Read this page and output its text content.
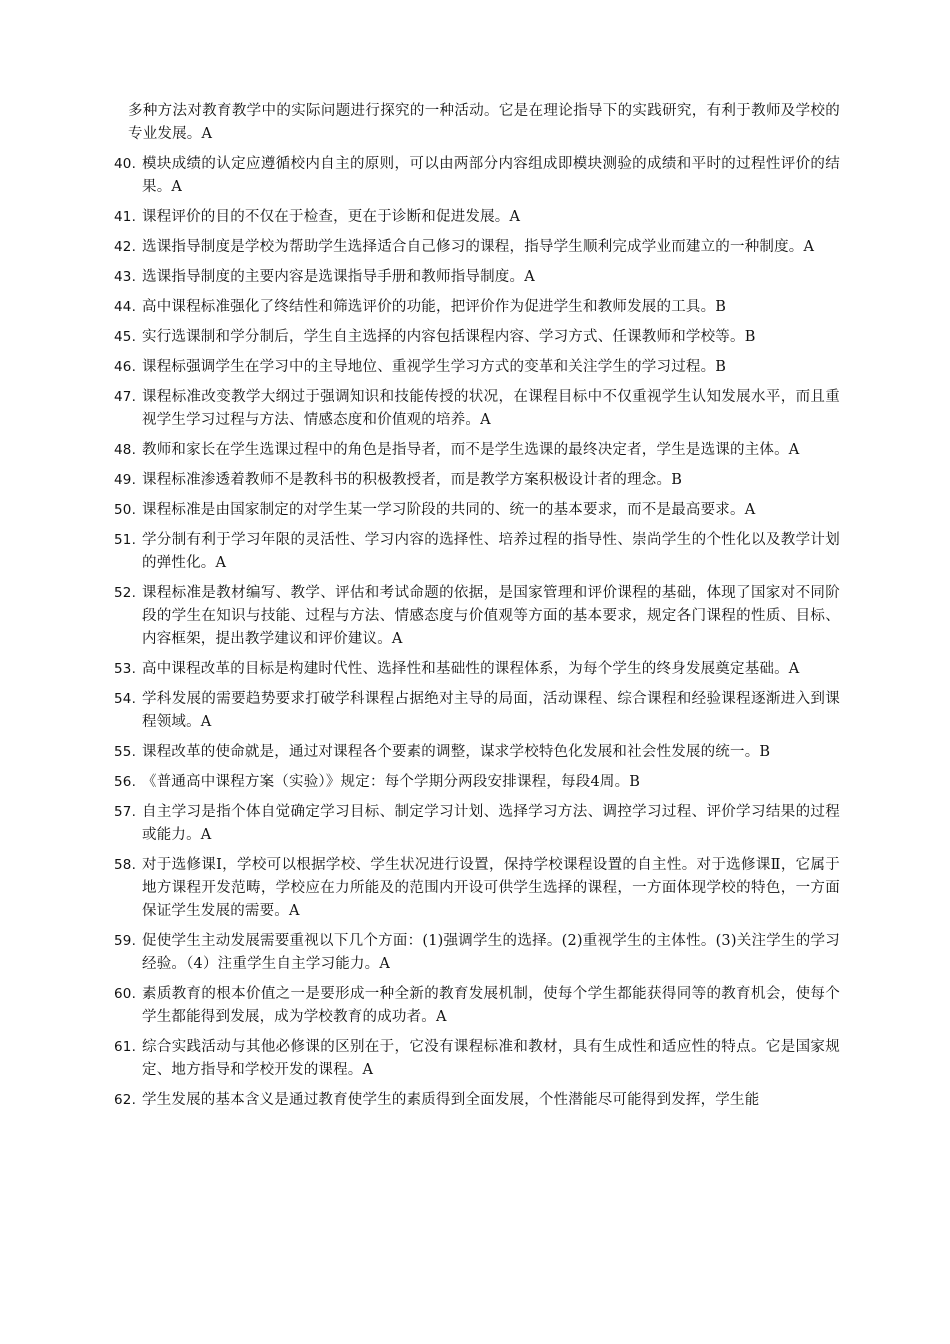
多种方法对教育教学中的实际问题进行探究的一种活动。它是在理论指导下的实践研究，有利于教师及学校的专业发展。A
40. 模块成绩的认定应遵循校内自主的原则，可以由两部分内容组成即模块测验的成绩和平时的过程性评价的结果。A
41. 课程评价的目的不仅在于检查，更在于诊断和促进发展。A
42. 选课指导制度是学校为帮助学生选择适合自己修习的课程，指导学生顺利完成学业而建立的一种制度。A
43. 选课指导制度的主要内容是选课指导手册和教师指导制度。A
44. 高中课程标准强化了终结性和筛选评价的功能，把评价作为促进学生和教师发展的工具。B
45. 实行选课制和学分制后，学生自主选择的内容包括课程内容、学习方式、任课教师和学校等。B
46. 课程标强调学生在学习中的主导地位、重视学生学习方式的变革和关注学生的学习过程。B
47. 课程标准改变教学大纲过于强调知识和技能传授的状况，在课程目标中不仅重视学生认知发展水平，而且重视学生学习过程与方法、情感态度和价值观的培养。A
48. 教师和家长在学生选课过程中的角色是指导者，而不是学生选课的最终决定者，学生是选课的主体。A
49. 课程标准渗透着教师不是教科书的积极教授者，而是教学方案积极设计者的理念。B
50. 课程标准是由国家制定的对学生某一学习阶段的共同的、统一的基本要求，而不是最高要求。A
51. 学分制有利于学习年限的灵活性、学习内容的选择性、培养过程的指导性、崇尚学生的个性化以及教学计划的弹性化。A
52. 课程标准是教材编写、教学、评估和考试命题的依据，是国家管理和评价课程的基础，体现了国家对不同阶段的学生在知识与技能、过程与方法、情感态度与价值观等方面的基本要求，规定各门课程的性质、目标、内容框架，提出教学建议和评价建议。A
53. 高中课程改革的目标是构建时代性、选择性和基础性的课程体系，为每个学生的终身发展奠定基础。A
54. 学科发展的需要趋势要求打破学科课程占据绝对主导的局面，活动课程、综合课程和经验课程逐渐进入到课程领域。A
55. 课程改革的使命就是，通过对课程各个要素的调整，谋求学校特色化发展和社会性发展的统一。B
56. 《普通高中课程方案（实验）》规定：每个学期分两段安排课程，每段4周。B
57. 自主学习是指个体自觉确定学习目标、制定学习计划、选择学习方法、调控学习过程、评价学习结果的过程或能力。A
58. 对于选修课Ⅰ，学校可以根据学校、学生状况进行设置，保持学校课程设置的自主性。对于选修课Ⅱ，它属于地方课程开发范畴，学校应在力所能及的范围内开设可供学生选择的课程，一方面体现学校的特色，一方面保证学生发展的需要。A
59. 促使学生主动发展需要重视以下几个方面：(1)强调学生的选择。(2)重视学生的主体性。(3)关注学生的学习经验。（4）注重学生自主学习能力。A
60. 素质教育的根本价值之一是要形成一种全新的教育发展机制，使每个学生都能获得同等的教育机会，使每个学生都能得到发展，成为学校教育的成功者。A
61. 综合实践活动与其他必修课的区别在于，它没有课程标准和教材，具有生成性和适应性的特点。它是国家规定、地方指导和学校开发的课程。A
62. 学生发展的基本含义是通过教育使学生的素质得到全面发展，个性潜能尽可能得到发挥，学生能
